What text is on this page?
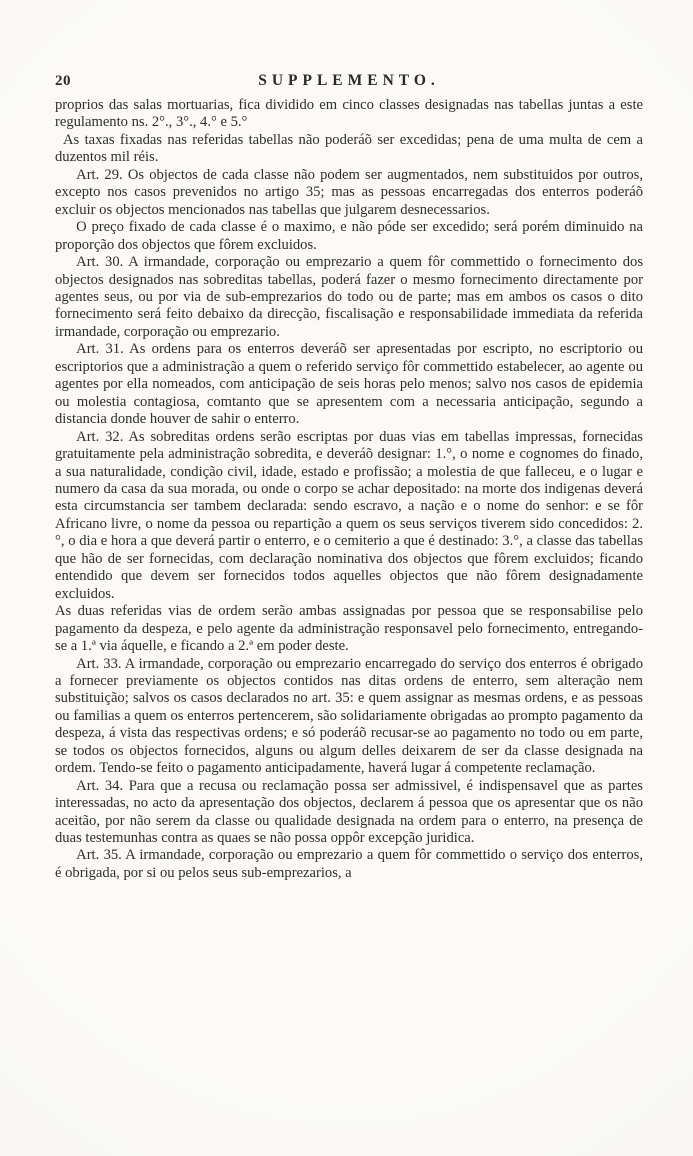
20	SUPPLEMENTO.

proprios das salas mortuarias, fica dividido em cinco classes designadas nas tabellas juntas a este regulamento ns. 2°., 3°., 4.° e 5.°

As taxas fixadas nas referidas tabellas não poderáõ ser excedidas; pena de uma multa de cem a duzentos mil réis.

Art. 29. Os objectos de cada classe não podem ser augmentados, nem substituidos por outros, excepto nos casos prevenidos no artigo 35; mas as pessoas encarregadas dos enterros poderáõ excluir os objectos mencionados nas tabellas que julgarem desnecessarios.

O preço fixado de cada classe é o maximo, e não póde ser excedido; será porém diminuido na proporção dos objectos que fôrem excluidos.

Art. 30. A irmandade, corporação ou emprezario a quem fôr commettido o fornecimento dos objectos designados nas sobreditas tabellas, poderá fazer o mesmo fornecimento directamente por agentes seus, ou por via de sub-emprezarios do todo ou de parte; mas em ambos os casos o dito fornecimento será feito debaixo da direcção, fiscalisação e responsabilidade immediata da referida irmandade, corporação ou emprezario.

Art. 31. As ordens para os enterros deveráõ ser apresentadas por escripto, no escriptorio ou escriptorios que a administração a quem o referido serviço fôr commettido estabelecer, ao agente ou agentes por ella nomeados, com anticipação de seis horas pelo menos; salvo nos casos de epidemia ou molestia contagiosa, comtanto que se apresentem com a necessaria anticipação, segundo a distancia donde houver de sahir o enterro.

Art. 32. As sobreditas ordens serão escriptas por duas vias em tabellas impressas, fornecidas gratuitamente pela administração sobredita, e deveráõ designar: 1.°, o nome e cognomes do finado, a sua naturalidade, condição civil, idade, estado e profissão; a molestia de que falleceu, e o lugar e numero da casa da sua morada, ou onde o corpo se achar depositado: na morte dos indigenas deverá esta circumstancia ser tambem declarada: sendo escravo, a nação e o nome do senhor: e se fôr Africano livre, o nome da pessoa ou repartição a quem os seus serviços tiverem sido concedidos: 2.°, o dia e hora a que deverá partir o enterro, e o cemiterio a que é destinado: 3.°, a classe das tabellas que hão de ser fornecidas, com declaração nominativa dos objectos que fôrem excluidos; ficando entendido que devem ser fornecidos todos aquelles objectos que não fôrem designadamente excluidos.

As duas referidas vias de ordem serão ambas assignadas por pessoa que se responsabilise pelo pagamento da despeza, e pelo agente da administração responsavel pelo fornecimento, entregando-se a 1.ª via áquelle, e ficando a 2.ª em poder deste.

Art. 33. A irmandade, corporação ou emprezario encarregado do serviço dos enterros é obrigado a fornecer previamente os objectos contidos nas ditas ordens de enterro, sem alteração nem substituição; salvos os casos declarados no art. 35: e quem assignar as mesmas ordens, e as pessoas ou familias a quem os enterros pertencerem, são solidariamente obrigadas ao prompto pagamento da despeza, á vista das respectivas ordens; e só poderáõ recusar-se ao pagamento no todo ou em parte, se todos os objectos fornecidos, alguns ou algum delles deixarem de ser da classe designada na ordem. Tendo-se feito o pagamento anticipadamente, haverá lugar á competente reclamação.

Art. 34. Para que a recusa ou reclamação possa ser admissivel, é indispensavel que as partes interessadas, no acto da apresentação dos objectos, declarem á pessoa que os apresentar que os não aceitão, por não serem da classe ou qualidade designada na ordem para o enterro, na presença de duas testemunhas contra as quaes se não possa oppôr excepção juridica.

Art. 35. A irmandade, corporação ou emprezario a quem fôr commettido o serviço dos enterros, é obrigada, por si ou pelos seus sub-emprezarios, a
